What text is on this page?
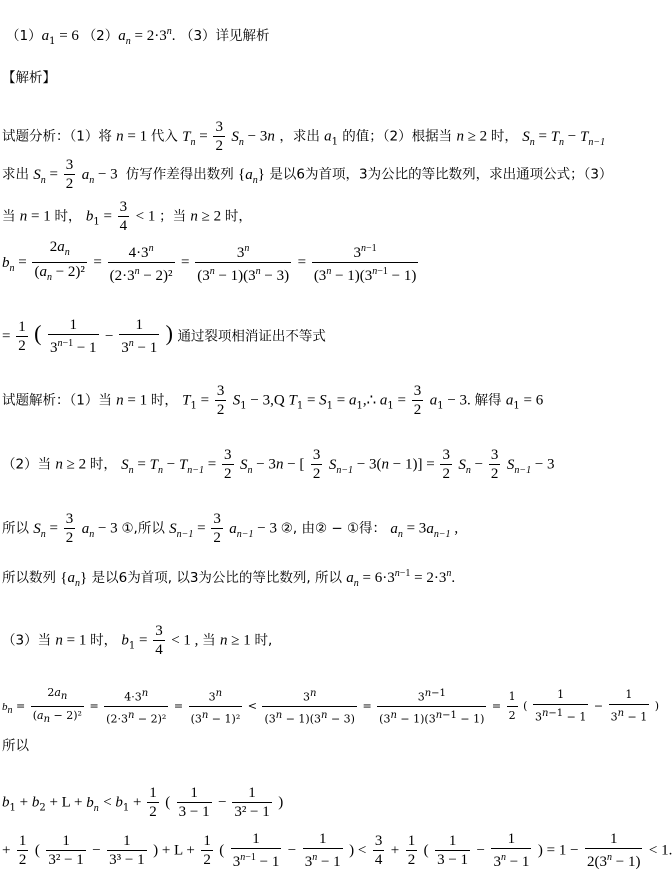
$(1)a_1 = 6$ $(2)a_n = 2\cdot 3^n$. （3）详见解析
【解析】
试题分析：（1）将 n = 1 代入 $T_n = \frac{3}{2} S_n - 3n$ ，求出 $a_1$ 的值；（2）根据当 n ≥ 2 时， $S_n = T_n - T_{n-1}$
求出 $S_n = \frac{3}{2} a_n - 3$  仿写作差得出数列 $\{a_n\}$ 是以6为首项，3为公比的等比数列，求出通项公式；（3）
当 n = 1 时， $b_1 = \frac{3}{4} < 1$ ；当 n ≥ 2 时，
$b_n = \frac{2a_n}{(a_n - 2)^2} = \frac{4\cdot 3^n}{(2\cdot 3^n - 2)^2} = \frac{3^n}{(3^n - 1)(3^n - 3)} = \frac{3^{n-1}}{(3^n - 1)(3^{n-1} - 1)}$
= $\frac{1}{2}$ ( $\frac{1}{3^{n-1} - 1} - \frac{1}{3^n - 1}$ ) 通过裂项相消证出不等式
试题解析：（1）当 n = 1 时， $T_1 = \frac{3}{2} S_1 - 3,Q$ $T_1 = S_1$ = $a_1,\therefore$ $a_1 = \frac{3}{2} a_1 - 3$. 解得 $a_1 = 6$
（2）当 n ≥ 2 时， $S_n = T_n - T_{n-1} = \frac{3}{2} S_n - 3n$ − [ $\frac{3}{2} S_{n-1} - 3(n - 1)] = \frac{3}{2} S_n - \frac{3}{2} S_{n-1} - 3$
所以 $S_n = \frac{3}{2} a_n - 3$ ①,所以 $S_{n-1} = \frac{3}{2} a_{n-1} - 3$ ②, 由② − ①得： $a_n = 3a_{n-1}$ ,
所以数列 $\{a_n\}$ 是以6为首项, 以3为公比的等比数列, 所以 $a_n = 6\cdot 3^{n-1} = 2\cdot 3^n$.
（3）当 n = 1 时， $b_1 = \frac{3}{4} < 1$ , 当 n ≥ 1 时,
$b_n = \frac{2a_n}{(a_n - 2)^2} = \frac{4\cdot 3^n}{(2\cdot 3^n - 2)^2} = \frac{3^n}{(3^n - 1)^2} < \frac{3^n}{(3^n - 1)(3^n - 3)} = \frac{3^{n-1}}{(3^n - 1)(3^{n-1} - 1)} = \frac{1}{2}$ ( $\frac{1}{3^{n-1} - 1} - \frac{1}{3^n - 1}$ )
所以
$b_1 + b_2 + L + b_n < b_1 + \frac{1}{2}$ ( $\frac{1}{3 - 1} - \frac{1}{\text{3² − 1}}$ )
+ $\frac{1}{2}$ ( $\frac{1}{\text{3² − 1}} - \frac{1}{\text{3³ − 1}}$ ) + $L + \frac{1}{2}$ ( $\frac{1}{3^{n-1} - 1} - \frac{1}{3^n - 1}$ ) < $\frac{3}{4} + \frac{1}{2}$ ( $\frac{1}{3 - 1} - \frac{1}{3^n - 1}$ ) = $1 - \frac{1}{2(3^n - 1)} < 1$.
